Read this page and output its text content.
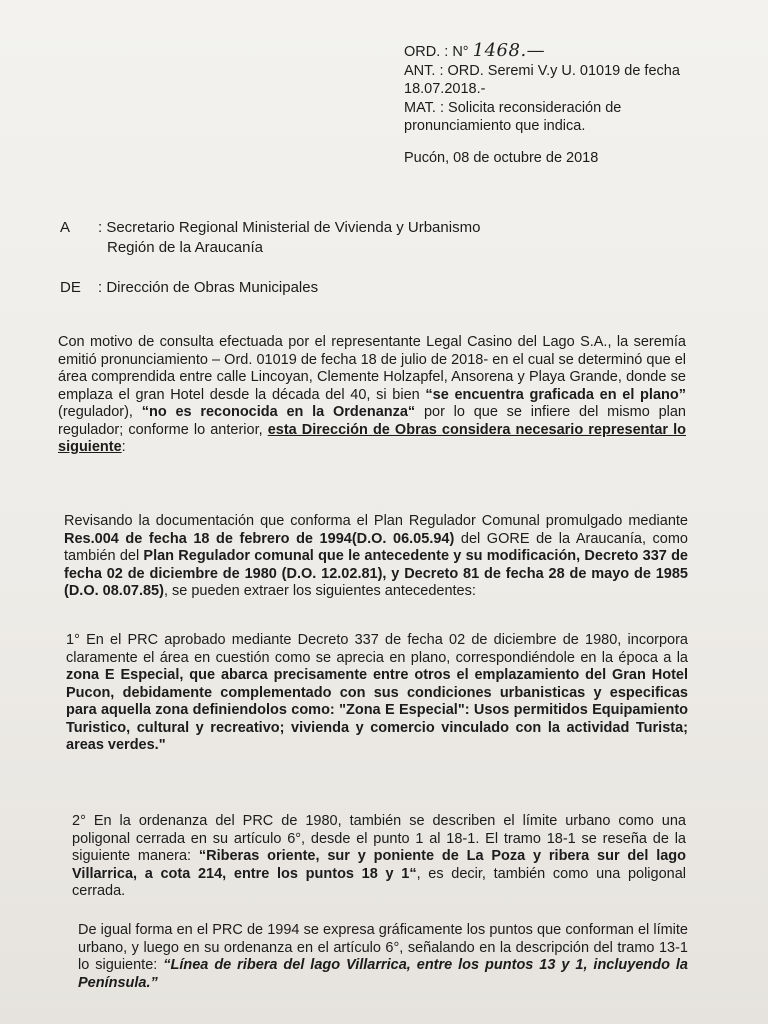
ORD. : N° 1468.—

ANT. : ORD. Seremi V.y U. 01019 de fecha 18.07.2018.-

MAT. : Solicita reconsideración de pronunciamiento que indica.

Pucón, 08 de octubre de 2018
A : Secretario Regional Ministerial de Vivienda y Urbanismo
Región de la Araucanía
DE : Dirección de Obras Municipales

Con motivo de consulta efectuada por el representante Legal Casino del Lago S.A., la seremía emitió pronunciamiento – Ord. 01019 de fecha 18 de julio de 2018- en el cual se determinó que el área comprendida entre calle Lincoyan, Clemente Holzapfel, Ansorena y Playa Grande, donde se emplaza el gran Hotel desde la década del 40, si bien “se encuentra graficada en el plano” (regulador), “no es reconocida en la Ordenanza“ por lo que se infiere del mismo plan regulador; conforme lo anterior, esta Dirección de Obras considera necesario representar lo siguiente:

Revisando la documentación que conforma el Plan Regulador Comunal promulgado mediante Res.004 de fecha 18 de febrero de 1994(D.O. 06.05.94) del GORE de la Araucanía, como también del Plan Regulador comunal que le antecedente y su modificación, Decreto 337 de fecha 02 de diciembre de 1980 (D.O. 12.02.81), y Decreto 81 de fecha 28 de mayo de 1985 (D.O. 08.07.85), se pueden extraer los siguientes antecedentes:

1° En el PRC aprobado mediante Decreto 337 de fecha 02 de diciembre de 1980, incorpora claramente el área en cuestión como se aprecia en plano, correspondiéndole en la época a la zona E Especial, que abarca precisamente entre otros el emplazamiento del Gran Hotel Pucon, debidamente complementado con sus condiciones urbanisticas y especificas para aquella zona definiendolos como: "Zona E Especial": Usos permitidos Equipamiento Turistico, cultural y recreativo; vivienda y comercio vinculado con la actividad Turista; areas verdes."

2° En la ordenanza del PRC de 1980, también se describen el límite urbano como una poligonal cerrada en su artículo 6°, desde el punto 1 al 18-1. El tramo 18-1 se reseña de la siguiente manera: “Riberas oriente, sur y poniente de La Poza y ribera sur del lago Villarrica, a cota 214, entre los puntos 18 y 1“, es decir, también como una poligonal cerrada.

De igual forma en el PRC de 1994 se expresa gráficamente los puntos que conforman el límite urbano, y luego en su ordenanza en el artículo 6°, señalando en la descripción del tramo 13-1 lo siguiente: “Línea de ribera del lago Villarrica, entre los puntos 13 y 1, incluyendo la Península.”
